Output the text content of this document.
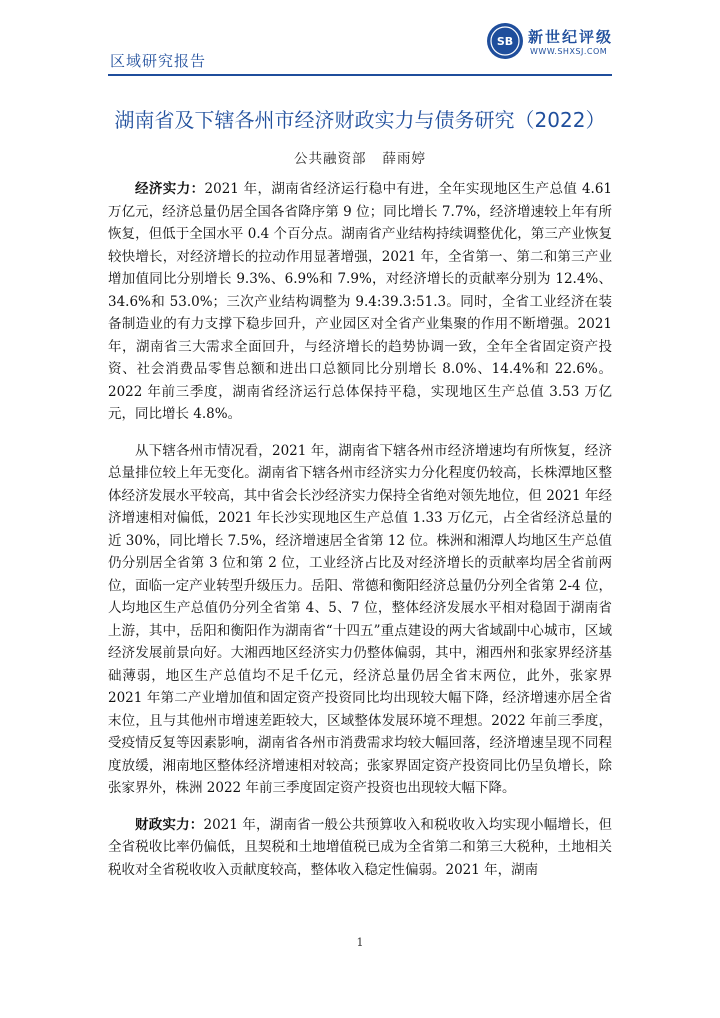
区域研究报告
SB 新世纪评级
WWW.SHXSJ.COM
湖南省及下辖各州市经济财政实力与债务研究（2022）
公共融资部 薛雨婷

经济实力：2021 年，湖南省经济运行稳中有进，全年实现地区生产总值 4.61 万亿元，经济总量仍居全国各省降序第 9 位；同比增长 7.7%，经济增速较上年有所恢复，但低于全国水平 0.4 个百分点。湖南省产业结构持续调整优化，第三产业恢复较快增长，对经济增长的拉动作用显著增强，2021 年，全省第一、第二和第三产业增加值同比分别增长 9.3%、6.9%和 7.9%，对经济增长的贡献率分别为 12.4%、34.6%和 53.0%；三次产业结构调整为 9.4:39.3:51.3。同时，全省工业经济在装备制造业的有力支撑下稳步回升，产业园区对全省产业集聚的作用不断增强。2021 年，湖南省三大需求全面回升，与经济增长的趋势协调一致，全年全省固定资产投资、社会消费品零售总额和进出口总额同比分别增长 8.0%、14.4%和 22.6%。2022 年前三季度，湖南省经济运行总体保持平稳，实现地区生产总值 3.53 万亿元，同比增长 4.8%。

从下辖各州市情况看，2021 年，湖南省下辖各州市经济增速均有所恢复，经济总量排位较上年无变化。湖南省下辖各州市经济实力分化程度仍较高，长株潭地区整体经济发展水平较高，其中省会长沙经济实力保持全省绝对领先地位，但 2021 年经济增速相对偏低，2021 年长沙实现地区生产总值 1.33 万亿元，占全省经济总量的近 30%，同比增长 7.5%，经济增速居全省第 12 位。株洲和湘潭人均地区生产总值仍分别居全省第 3 位和第 2 位，工业经济占比及对经济增长的贡献率均居全省前两位，面临一定产业转型升级压力。岳阳、常德和衡阳经济总量仍分列全省第 2-4 位，人均地区生产总值仍分列全省第 4、5、7 位，整体经济发展水平相对稳固于湖南省上游，其中，岳阳和衡阳作为湖南省“十四五”重点建设的两大省域副中心城市，区域经济发展前景向好。大湘西地区经济实力仍整体偏弱，其中，湘西州和张家界经济基础薄弱，地区生产总值均不足千亿元，经济总量仍居全省末两位，此外，张家界 2021 年第二产业增加值和固定资产投资同比均出现较大幅下降，经济增速亦居全省末位，且与其他州市增速差距较大，区域整体发展环境不理想。2022 年前三季度，受疫情反复等因素影响，湖南省各州市消费需求均较大幅回落，经济增速呈现不同程度放缓，湘南地区整体经济增速相对较高；张家界固定资产投资同比仍呈负增长，除张家界外，株洲 2022 年前三季度固定资产投资也出现较大幅下降。

财政实力：2021 年，湖南省一般公共预算收入和税收收入均实现小幅增长，但全省税收比率仍偏低，且契税和土地增值税已成为全省第二和第三大税种，土地相关税收对全省税收收入贡献度较高，整体收入稳定性偏弱。2021 年，湖南

1
